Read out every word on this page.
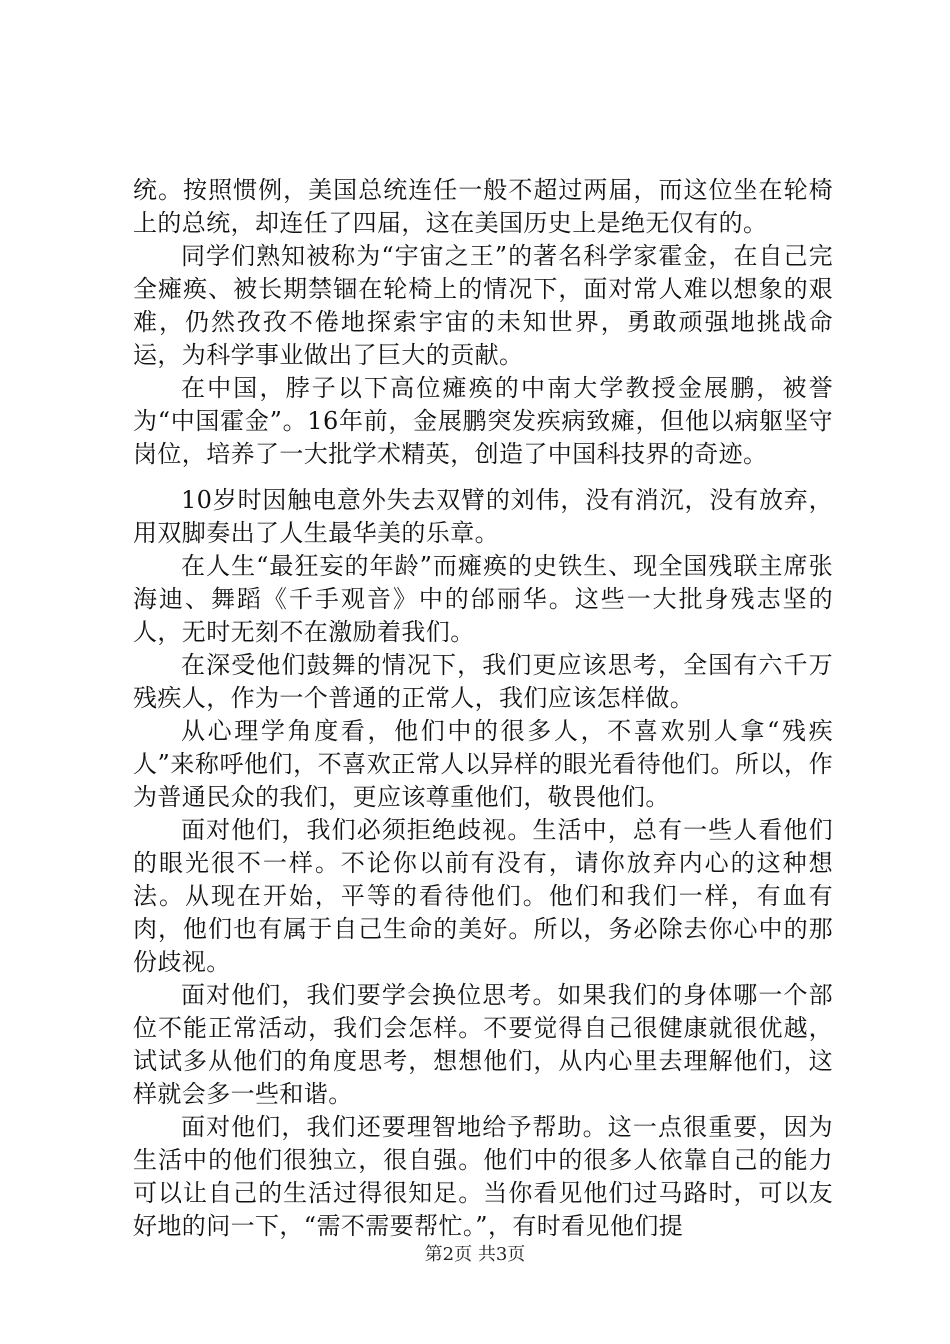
统。按照惯例，美国总统连任一般不超过两届，而这位坐在轮椅上的总统，却连任了四届，这在美国历史上是绝无仅有的。

同学们熟知被称为“宇宙之王”的著名科学家霍金，在自己完全瘫痪、被长期禁锢在轮椅上的情况下，面对常人难以想象的艰难，仍然孜孜不倦地探索宇宙的未知世界，勇敢顽强地挑战命运，为科学事业做出了巨大的贡献。

在中国，脖子以下高位瘫痪的中南大学教授金展鹏，被誉为“中国霍金”。16年前，金展鹏突发疾病致瘫，但他以病躯坚守岗位，培养了一大批学术精英，创造了中国科技界的奇迹。

10岁时因触电意外失去双臂的刘伟，没有消沉，没有放弃，用双脚奏出了人生最华美的乐章。

在人生“最狂妄的年龄”而瘫痪的史铁生、现全国残联主席张海迪、舞蹈《千手观音》中的邰丽华。这些一大批身残志坚的人，无时无刻不在激励着我们。

在深受他们鼓舞的情况下，我们更应该思考，全国有六千万残疾人，作为一个普通的正常人，我们应该怎样做。

从心理学角度看，他们中的很多人，不喜欢别人拿“残疾人”来称呼他们，不喜欢正常人以异样的眼光看待他们。所以，作为普通民众的我们，更应该尊重他们，敬畏他们。

面对他们，我们必须拒绝歧视。生活中，总有一些人看他们的眼光很不一样。不论你以前有没有，请你放弃内心的这种想法。从现在开始，平等的看待他们。他们和我们一样，有血有肉，他们也有属于自己生命的美好。所以，务必除去你心中的那份歧视。

面对他们，我们要学会换位思考。如果我们的身体哪一个部位不能正常活动，我们会怎样。不要觉得自己很健康就很优越，试试多从他们的角度思考，想想他们，从内心里去理解他们，这样就会多一些和谐。

面对他们，我们还要理智地给予帮助。这一点很重要，因为生活中的他们很独立，很自强。他们中的很多人依靠自己的能力可以让自己的生活过得很知足。当你看见他们过马路时，可以友好地的问一下，“需不需要帮忙。”，有时看见他们提

第2页 共3页
